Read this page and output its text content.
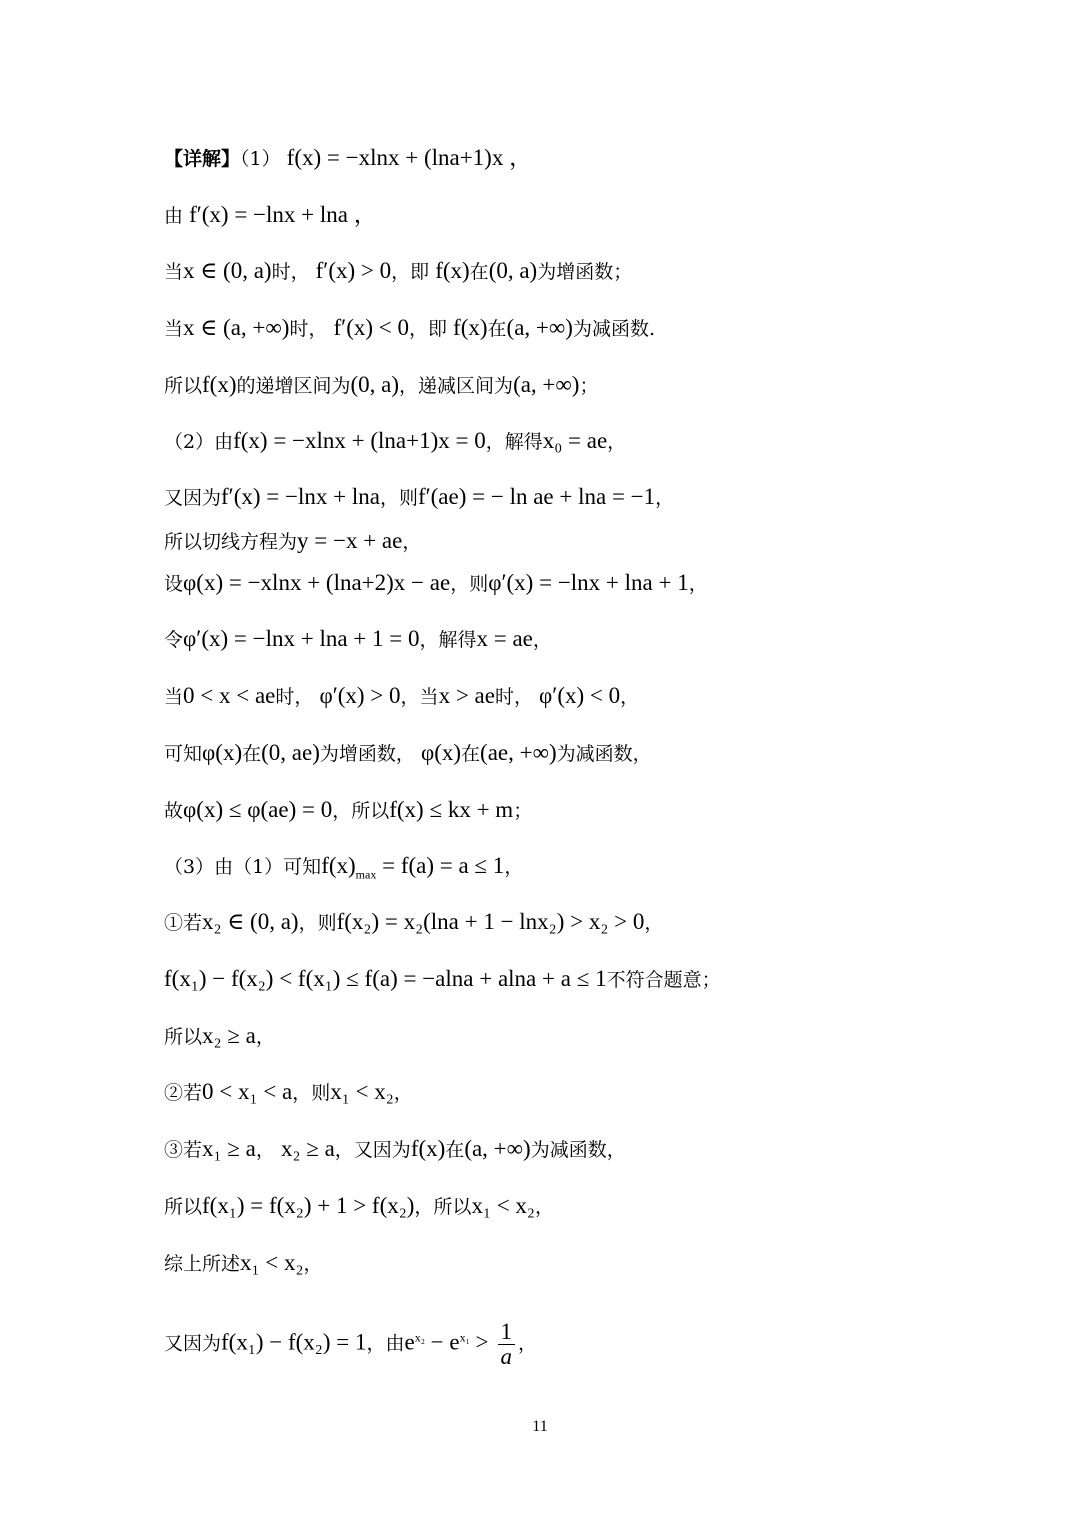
【详解】（1） f(x) = −xlnx + (lna+1)x ，
由 f′(x) = −lnx + lna ，
当x ∈ (0, a)时， f′(x) > 0，即 f(x)在(0, a)为增函数；
当x ∈ (a, +∞)时， f′(x) < 0，即 f(x)在(a, +∞)为减函数.
所以f(x)的递增区间为(0, a)，递减区间为(a, +∞)；
（2）由f(x) = −xlnx + (lna+1)x = 0，解得x₀ = ae，
又因为f′(x) = −lnx + lna，则f′(ae) = − ln ae + lna = −1，
所以切线方程为y = −x + ae，
设φ(x) = −xlnx + (lna+2)x − ae，则φ′(x) = −lnx + lna + 1，
令φ′(x) = −lnx + lna + 1 = 0，解得x = ae，
当0 < x < ae时， φ′(x) > 0，当x > ae时， φ′(x) < 0，
可知φ(x)在(0, ae)为增函数， φ(x)在(ae, +∞)为减函数，
故φ(x) ≤ φ(ae) = 0，所以f(x) ≤ kx + m；
（3）由（1）可知$f(x)_{max} = f(a) = a \le 1$，
①若x₂ ∈ (0, a)，则f(x₂) = x₂(lna + 1 − lnx₂) > x₂ > 0，
f(x₁) − f(x₂) < f(x₁) ≤ f(a) = −alna + alna + a ≤ 1不符合题意；
所以x₂ ≥ a，
②若0 < x₁ < a，则x₁ < x₂，
③若x₁ ≥ a， x₂ ≥ a，又因为f(x)在(a, +∞)为减函数，
所以f(x₁) = f(x₂) + 1 > f(x₂)，所以x₁ < x₂，
综上所述x₁ < x₂，
又因为f(x₁) − f(x₂) = 1，由$e^{x_2} - e^{x_1} > \frac{1}{a}$ ，
11
